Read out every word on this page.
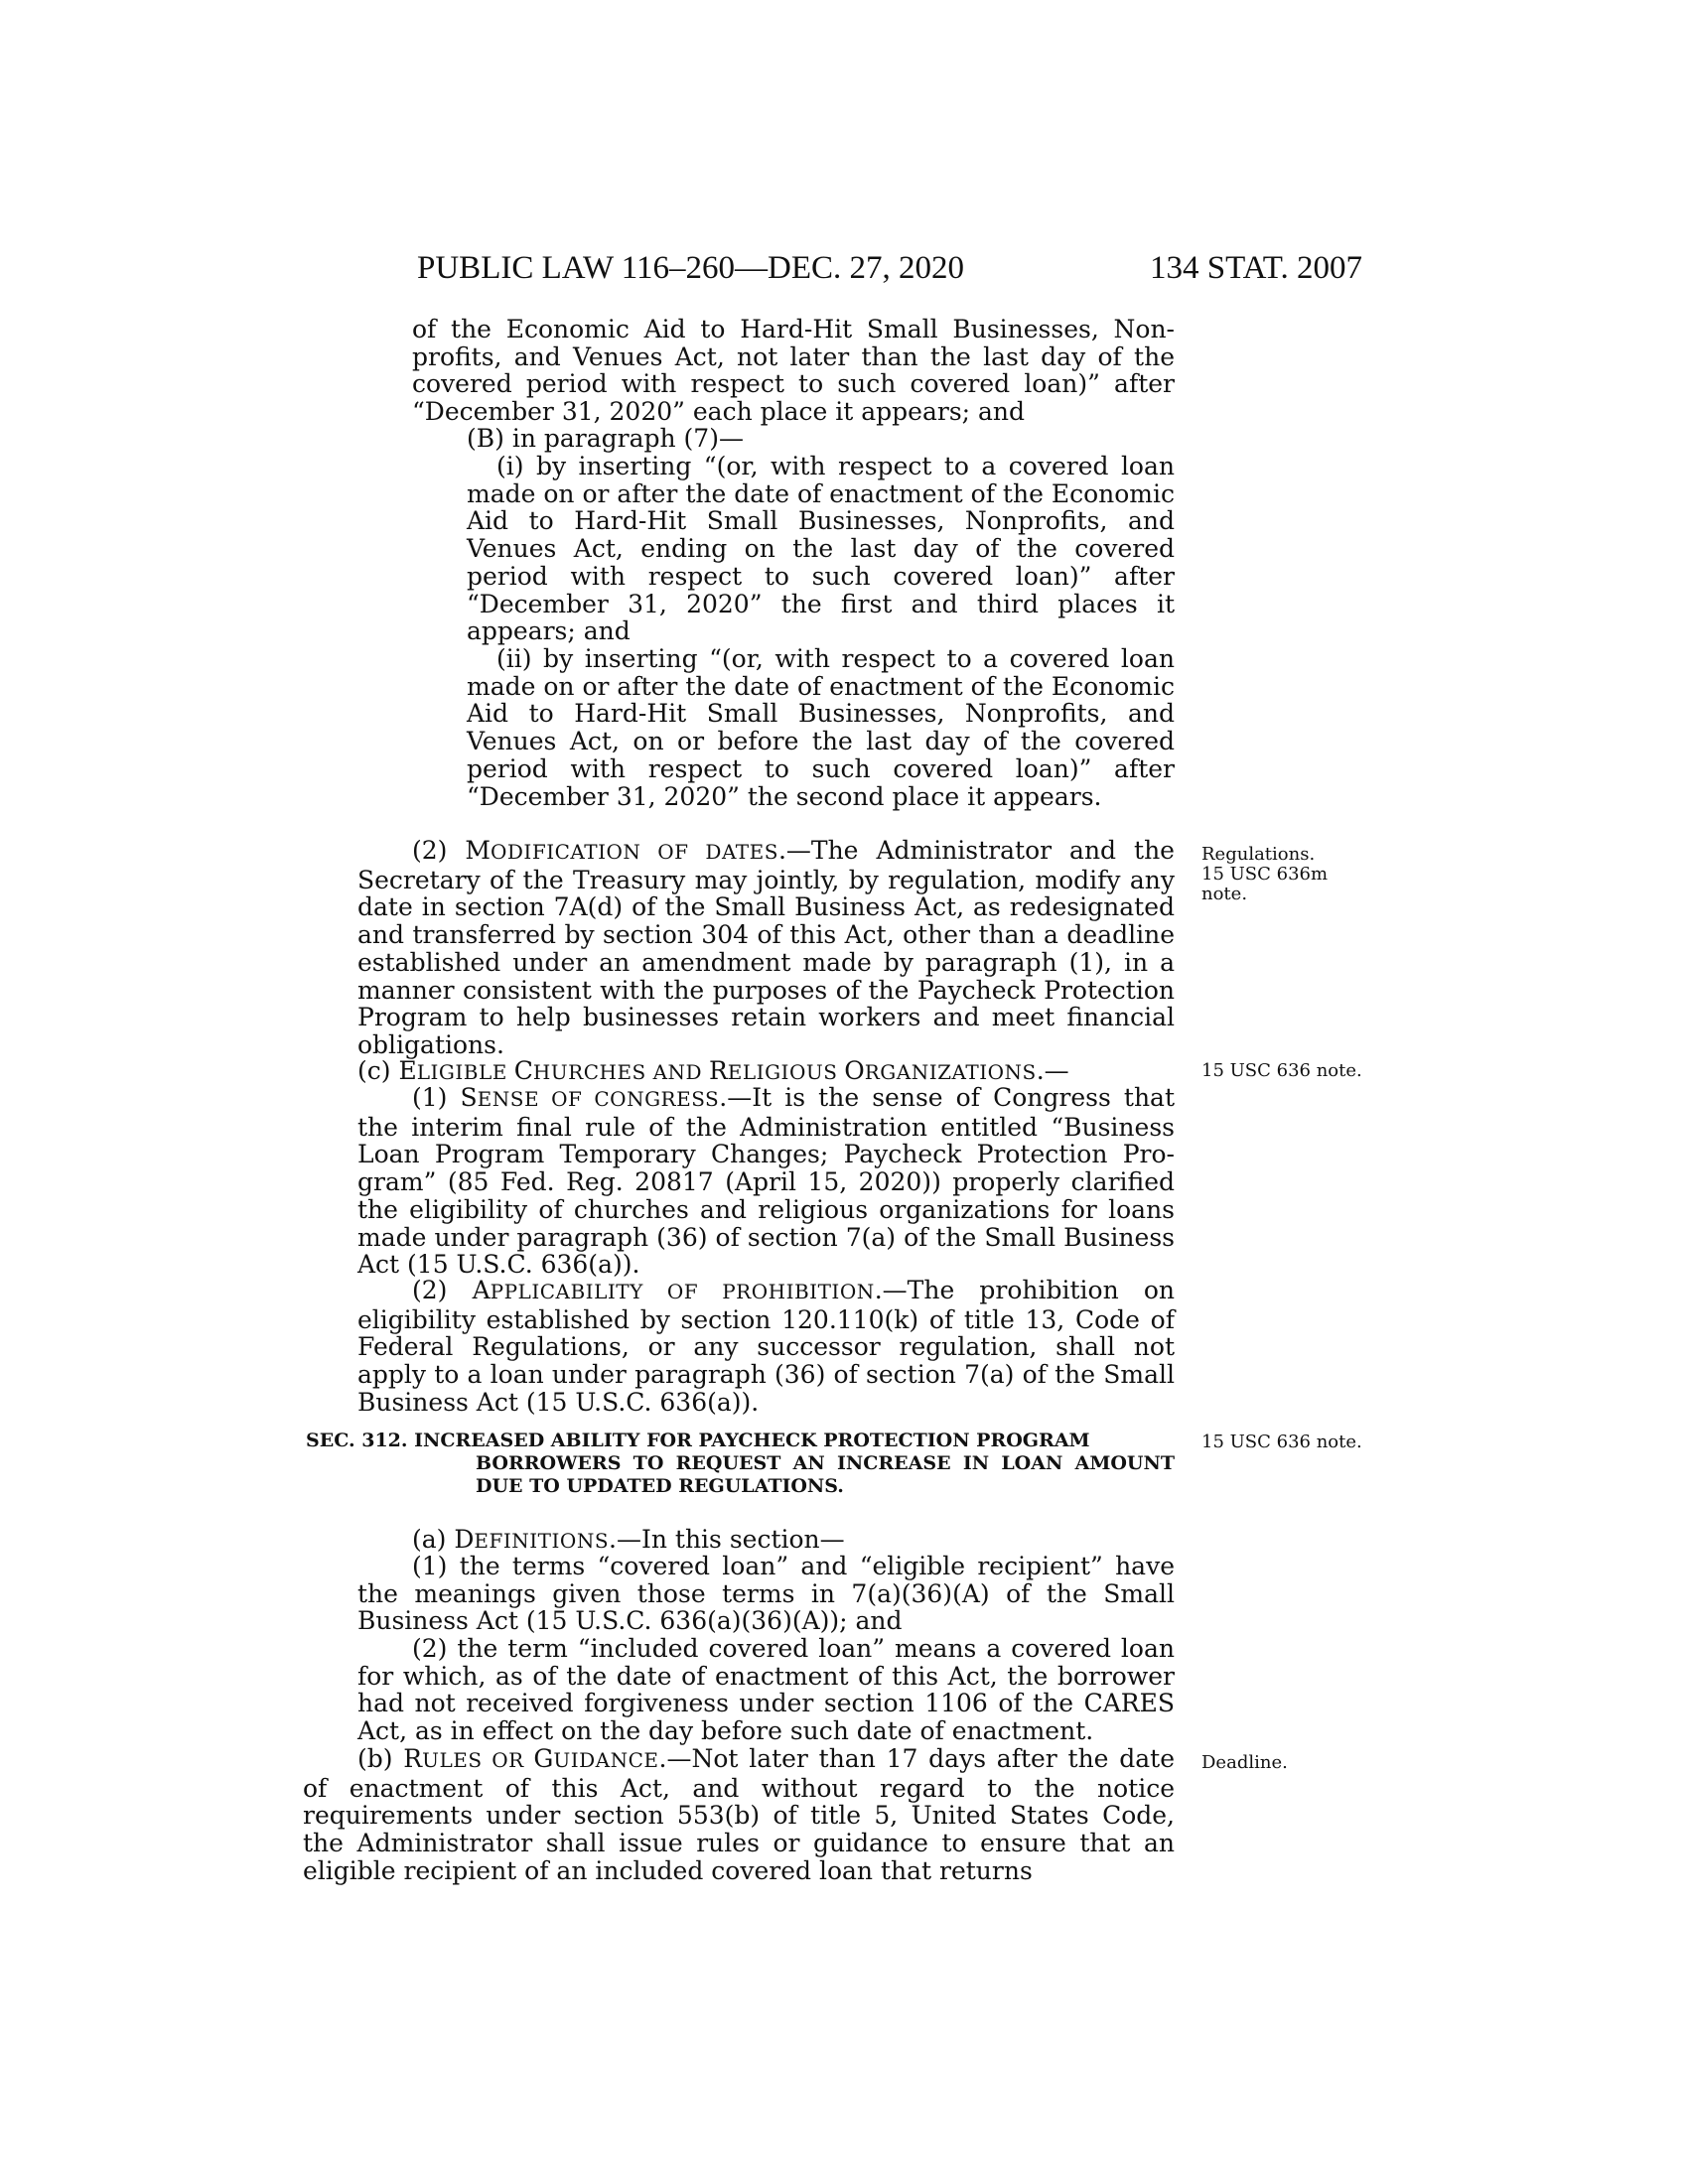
PUBLIC LAW 116–260—DEC. 27, 2020	134 STAT. 2007

of the Economic Aid to Hard-Hit Small Businesses, Nonprofits, and Venues Act, not later than the last day of the covered period with respect to such covered loan)” after “December 31, 2020” each place it appears; and

(B) in paragraph (7)—

(i) by inserting “(or, with respect to a covered loan made on or after the date of enactment of the Economic Aid to Hard-Hit Small Businesses, Nonprofits, and Venues Act, ending on the last day of the covered period with respect to such covered loan)” after “December 31, 2020” the first and third places it appears; and

(ii) by inserting “(or, with respect to a covered loan made on or after the date of enactment of the Economic Aid to Hard-Hit Small Businesses, Nonprofits, and Venues Act, on or before the last day of the covered period with respect to such covered loan)” after “December 31, 2020” the second place it appears.

(2) MODIFICATION OF DATES.—The Administrator and the Secretary of the Treasury may jointly, by regulation, modify any date in section 7A(d) of the Small Business Act, as redesignated and transferred by section 304 of this Act, other than a deadline established under an amendment made by paragraph (1), in a manner consistent with the purposes of the Paycheck Protection Program to help businesses retain workers and meet financial obligations.

Regulations.
15 USC 636m
note.

(c) ELIGIBLE CHURCHES AND RELIGIOUS ORGANIZATIONS.—	15 USC 636 note.

(1) SENSE OF CONGRESS.—It is the sense of Congress that the interim final rule of the Administration entitled “Business Loan Program Temporary Changes; Paycheck Protection Program” (85 Fed. Reg. 20817 (April 15, 2020)) properly clarified the eligibility of churches and religious organizations for loans made under paragraph (36) of section 7(a) of the Small Business Act (15 U.S.C. 636(a)).

(2) APPLICABILITY OF PROHIBITION.—The prohibition on eligibility established by section 120.110(k) of title 13, Code of Federal Regulations, or any successor regulation, shall not apply to a loan under paragraph (36) of section 7(a) of the Small Business Act (15 U.S.C. 636(a)).

SEC. 312. INCREASED ABILITY FOR PAYCHECK PROTECTION PROGRAM
BORROWERS TO REQUEST AN INCREASE IN LOAN AMOUNT DUE TO UPDATED REGULATIONS.
15 USC 636 note.

(a) DEFINITIONS.—In this section—

(1) the terms “covered loan” and “eligible recipient” have the meanings given those terms in 7(a)(36)(A) of the Small Business Act (15 U.S.C. 636(a)(36)(A)); and

(2) the term “included covered loan” means a covered loan for which, as of the date of enactment of this Act, the borrower had not received forgiveness under section 1106 of the CARES Act, as in effect on the day before such date of enactment.

(b) RULES OR GUIDANCE.—Not later than 17 days after the date of enactment of this Act, and without regard to the notice requirements under section 553(b) of title 5, United States Code, the Administrator shall issue rules or guidance to ensure that an eligible recipient of an included covered loan that returns

Deadline.
